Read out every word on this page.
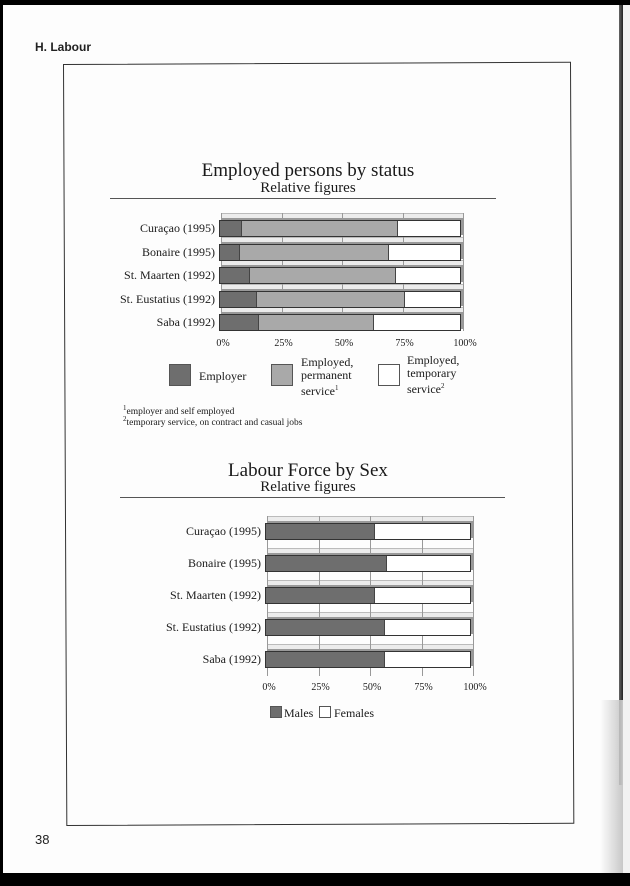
H. Labour
38
Employed persons by status
Relative figures
Curaçao (1995)
Bonaire (1995)
St. Maarten (1992)
St. Eustatius (1992)
Saba (1992)
0%	25%	50%	75%	100%
Employer
Employed,
permanent
service$^1$
Employed,
temporary
service$^2$
$^1$employer and self employed
$^2$temporary service, on contract and casual jobs
Labour Force by Sex
Relative figures
Curaçao (1995)
Bonaire (1995)
St. Maarten (1992)
St. Eustatius (1992)
Saba (1992)
0%	25%	50%	75%	100%
Males Females
